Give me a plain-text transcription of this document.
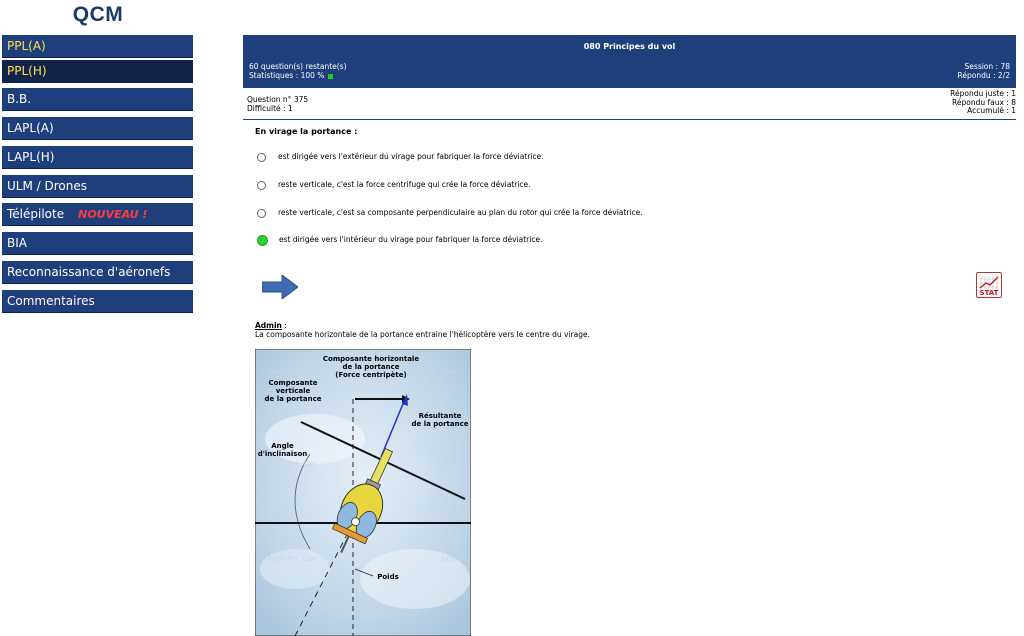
QCM
PPL(A)
PPL(H)
B.B.
LAPL(A)
LAPL(H)
ULM / Drones
Télépilote NOUVEAU !
BIA
Reconnaissance d'aéronefs
Commentaires
080 Principes du vol
60 question(s) restante(s)
Statistiques : 100 %
Session : 78
Répondu : 2/2
Question n° 375
Difficulté : 1
Répondu juste : 1
Répondu faux : 8
Accumulé : 1
En virage la portance :
est dirigée vers l'extérieur du virage pour fabriquer la force déviatrice.
reste verticale, c'est la force centrifuge qui crée la force déviatrice.
reste verticale, c'est sa composante perpendiculaire au plan du rotor qui crée la force déviatrice.
est dirigée vers l'intérieur du virage pour fabriquer la force déviatrice.
STAT
Admin :
La composante horizontale de la portance entraine l'hélicoptère vers le centre du virage.
Composante horizontale
de la portance
(Force centripète)
Composante
verticale
de la portance
Résultante
de la portance
Angle
d'inclinaison
Poids
EASY-PPL.COM	EASY-P
EASY-PPL.COM	EASY-P
EASY-PPL.COM	EASY-P
